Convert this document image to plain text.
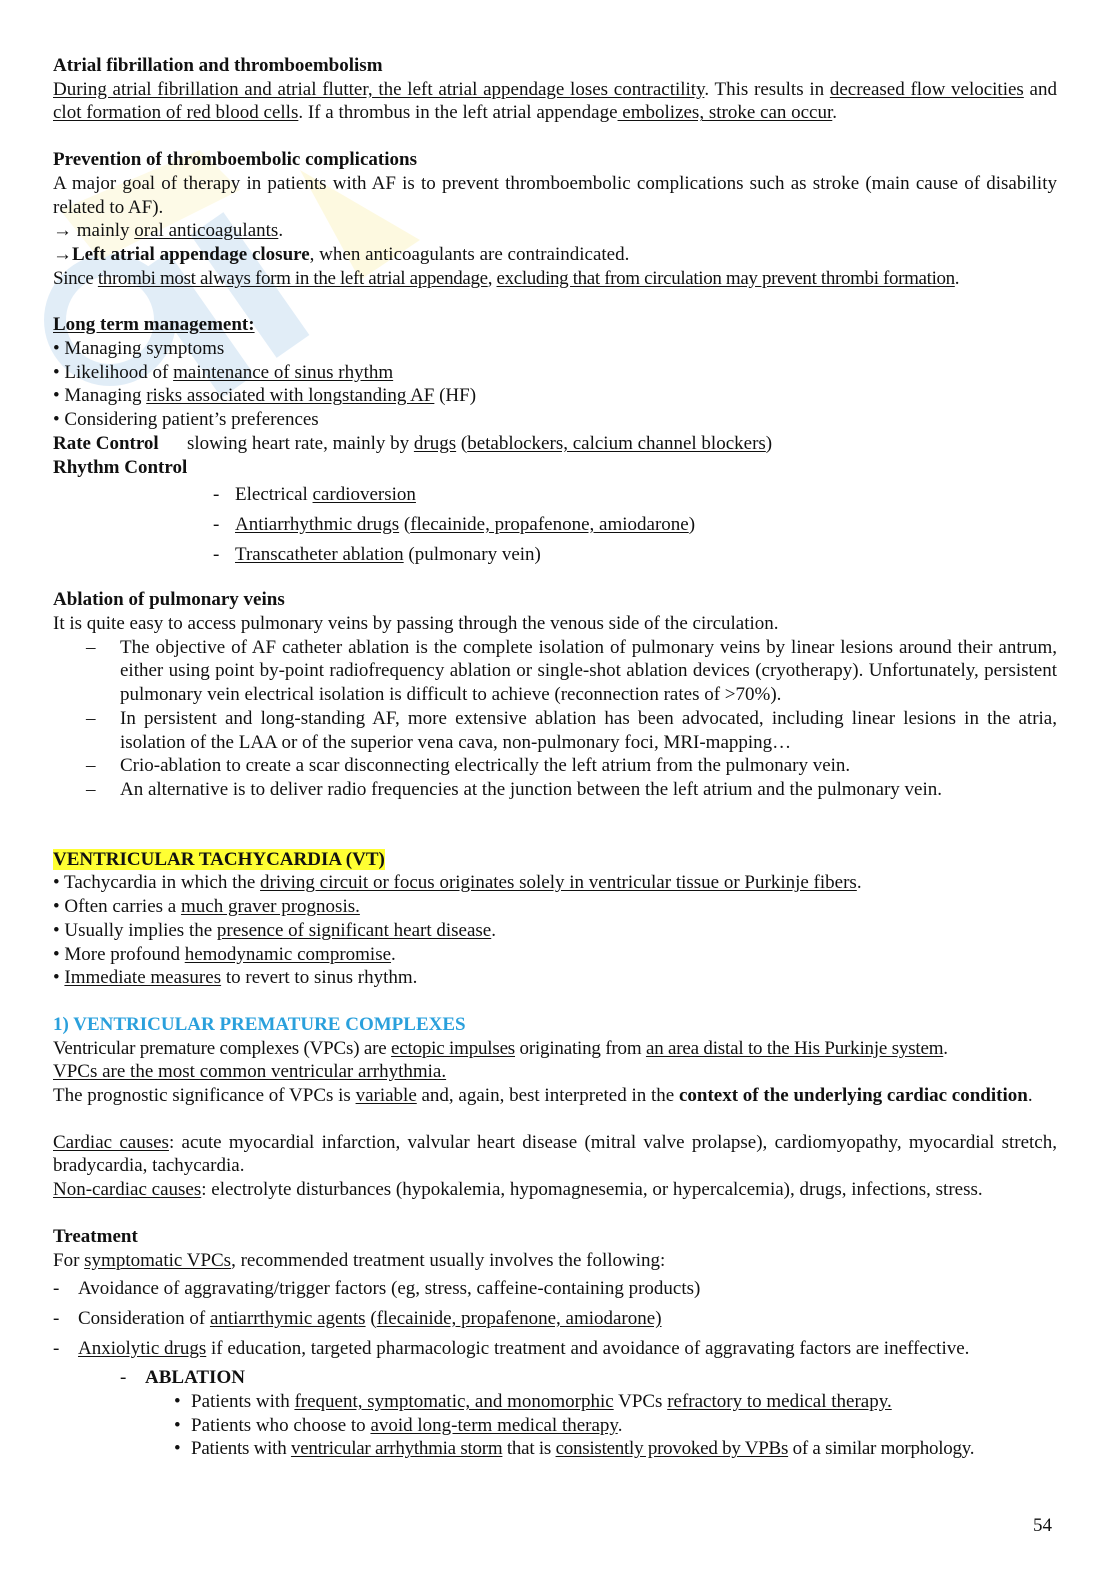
Atrial fibrillation and thromboembolism

During atrial fibrillation and atrial flutter, the left atrial appendage loses contractility. This results in decreased flow velocities and clot formation of red blood cells. If a thrombus in the left atrial appendage embolizes, stroke can occur.

Prevention of thromboembolic complications

A major goal of therapy in patients with AF is to prevent thromboembolic complications such as stroke (main cause of disability related to AF).

→ mainly oral anticoagulants.

→Left atrial appendage closure, when anticoagulants are contraindicated.

Since thrombi most always form in the left atrial appendage, excluding that from circulation may prevent thrombi formation.

Long term management:

• Managing symptoms

• Likelihood of maintenance of sinus rhythm

• Managing risks associated with longstanding AF (HF)

• Considering patient’s preferences

Rate Control	slowing heart rate, mainly by drugs (betablockers, calcium channel blockers)

Rhythm Control

- Electrical cardioversion
- Antiarrhythmic drugs (flecainide, propafenone, amiodarone)
- Transcatheter ablation (pulmonary vein)

Ablation of pulmonary veins

It is quite easy to access pulmonary veins by passing through the venous side of the circulation.

–	The objective of AF catheter ablation is the complete isolation of pulmonary veins by linear lesions around their antrum, either using point by-point radiofrequency ablation or single-shot ablation devices (cryotherapy). Unfortunately, persistent pulmonary vein electrical isolation is difficult to achieve (reconnection rates of >70%).
–	In persistent and long-standing AF, more extensive ablation has been advocated, including linear lesions in the atria, isolation of the LAA or of the superior vena cava, non-pulmonary foci, MRI-mapping…
–	Crio-ablation to create a scar disconnecting electrically the left atrium from the pulmonary vein.
–	An alternative is to deliver radio frequencies at the junction between the left atrium and the pulmonary vein.

VENTRICULAR TACHYCARDIA (VT)

• Tachycardia in which the driving circuit or focus originates solely in ventricular tissue or Purkinje fibers.

• Often carries a much graver prognosis.

• Usually implies the presence of significant heart disease.

• More profound hemodynamic compromise.

• Immediate measures to revert to sinus rhythm.

1) VENTRICULAR PREMATURE COMPLEXES

Ventricular premature complexes (VPCs) are ectopic impulses originating from an area distal to the His Purkinje system.

VPCs are the most common ventricular arrhythmia.

The prognostic significance of VPCs is variable and, again, best interpreted in the context of the underlying cardiac condition.

Cardiac causes: acute myocardial infarction, valvular heart disease (mitral valve prolapse), cardiomyopathy, myocardial stretch, bradycardia, tachycardia.

Non-cardiac causes: electrolyte disturbances (hypokalemia, hypomagnesemia, or hypercalcemia), drugs, infections, stress.

Treatment

For symptomatic VPCs, recommended treatment usually involves the following:

- Avoidance of aggravating/trigger factors (eg, stress, caffeine-containing products)
- Consideration of antiarrthymic agents (flecainide, propafenone, amiodarone)
- Anxiolytic drugs if education, targeted pharmacologic treatment and avoidance of aggravating factors are ineffective.
- ABLATION
• Patients with frequent, symptomatic, and monomorphic VPCs refractory to medical therapy.
• Patients who choose to avoid long-term medical therapy.
• Patients with ventricular arrhythmia storm that is consistently provoked by VPBs of a similar morphology.
54
